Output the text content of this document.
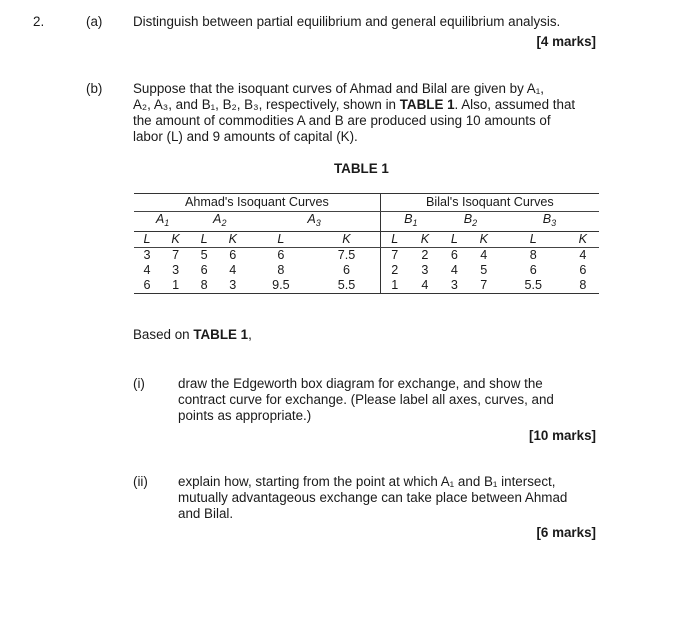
2.	(a) Distinguish between partial equilibrium and general equilibrium analysis.
[4 marks]
(b) Suppose that the isoquant curves of Ahmad and Bilal are given by A₁,
A₂, A₃, and B₁, B₂, B₃, respectively, shown in TABLE 1. Also, assumed that
the amount of commodities A and B are produced using 10 amounts of
labor (L) and 9 amounts of capital (K).
TABLE 1
Ahmad's Isoquant Curves						Bilal's Isoquant Curves					
$A_1$		$A_2$		$A_3$		$B_1$		$B_2$		$B_3$
L	K	L	K	L	K	L	K	L	K	L	K
3	7	5	6	6	7.5	7	2	6	4	8	4
4	3	6	4	8	6	2	3	4	5	6	6
6	1	8	3	9.5	5.5	1	4	3	7	5.5	8
Based on TABLE 1,
(i) draw the Edgeworth box diagram for exchange, and show the
contract curve for exchange. (Please label all axes, curves, and
points as appropriate.)
[10 marks]
(ii) explain how, starting from the point at which A₁ and B₁ intersect,
mutually advantageous exchange can take place between Ahmad
and Bilal.
[6 marks]
